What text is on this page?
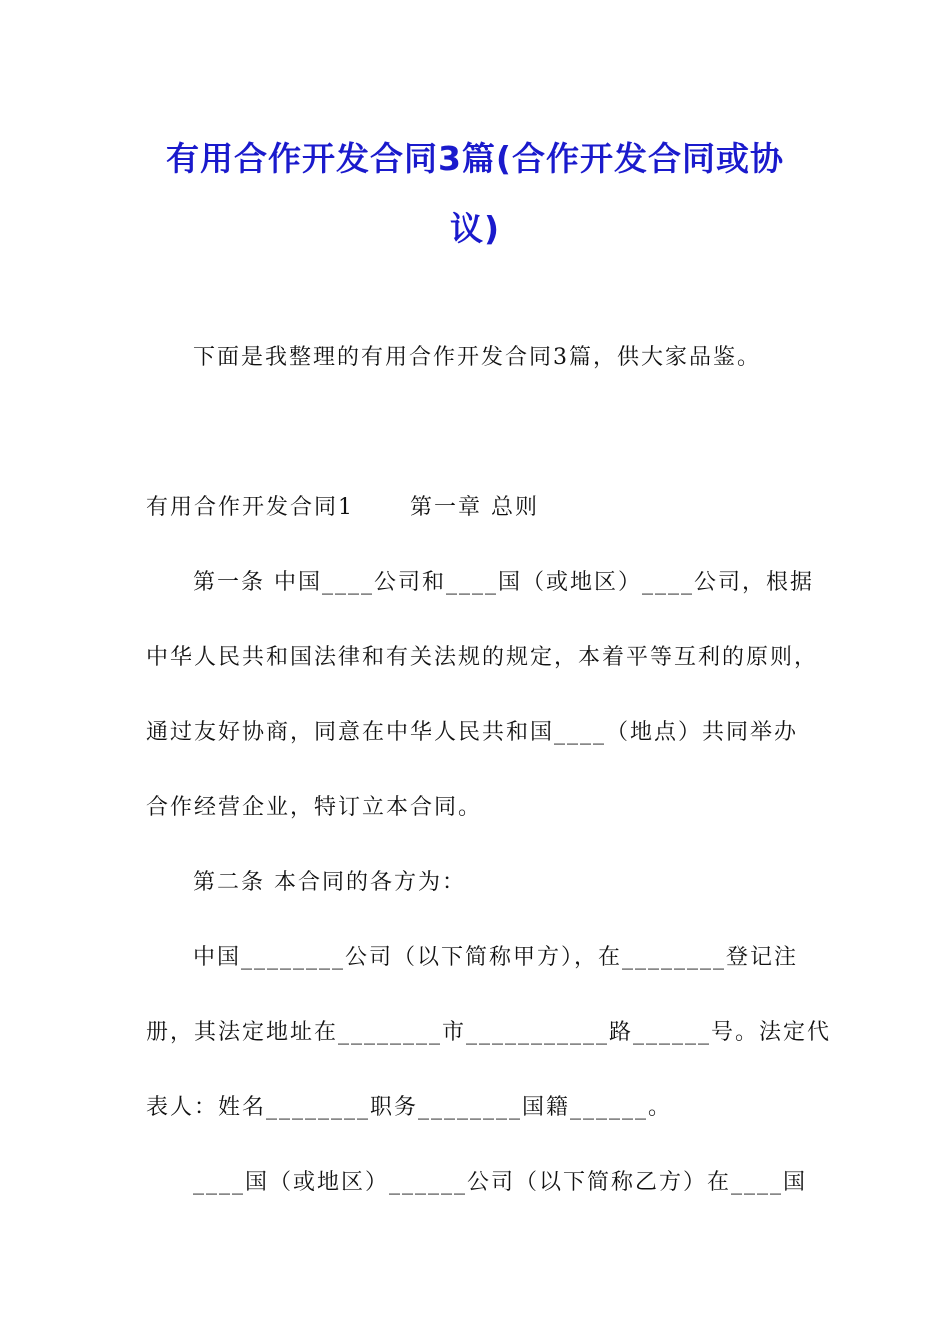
有用合作开发合同3篇(合作开发合同或协
议)
下面是我整理的有用合作开发合同3篇，供大家品鉴。
有用合作开发合同1	第一章 总则
第一条 中国____公司和____国（或地区）____公司，根据
中华人民共和国法律和有关法规的规定，本着平等互利的原则，
通过友好协商，同意在中华人民共和国____（地点）共同举办
合作经营企业，特订立本合同。
第二条 本合同的各方为：
中国________公司（以下简称甲方），在________登记注
册，其法定地址在________市___________路______号。法定代
表人：姓名________职务________国籍______。
____国（或地区）______公司（以下简称乙方）在____国
